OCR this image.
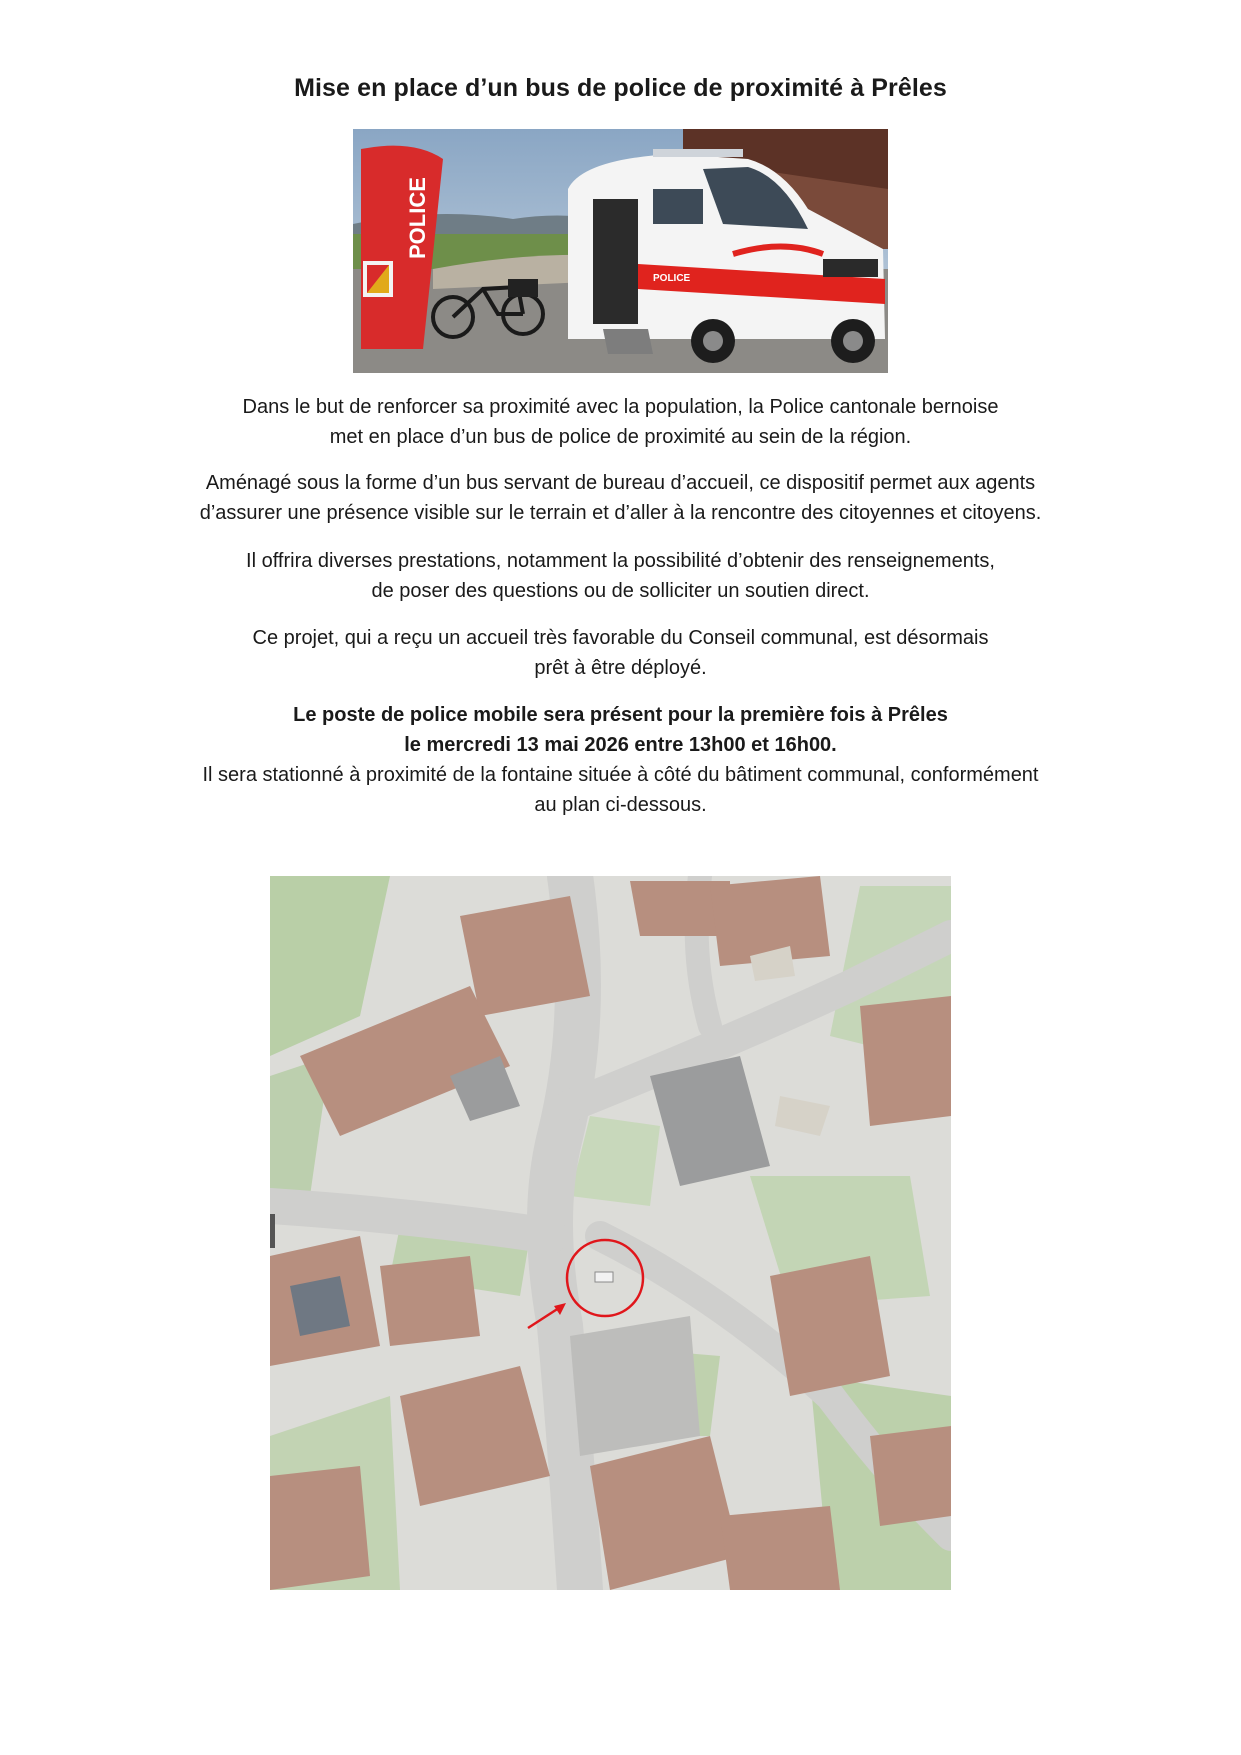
Mise en place d’un bus de police de proximité à Prêles
POLICE
POLICE

Dans le but de renforcer sa proximité avec la population, la Police cantonale bernoise
met en place d’un bus de police de proximité au sein de la région.

Aménagé sous la forme d’un bus servant de bureau d’accueil, ce dispositif permet aux agents
d’assurer une présence visible sur le terrain et d’aller à la rencontre des citoyennes et citoyens.

Il offrira diverses prestations, notamment la possibilité d’obtenir des renseignements,
de poser des questions ou de solliciter un soutien direct.

Ce projet, qui a reçu un accueil très favorable du Conseil communal, est désormais
prêt à être déployé.

Le poste de police mobile sera présent pour la première fois à Prêles
le mercredi 13 mai 2026 entre 13h00 et 16h00.
Il sera stationné à proximité de la fontaine située à côté du bâtiment communal, conformément
au plan ci-dessous.
